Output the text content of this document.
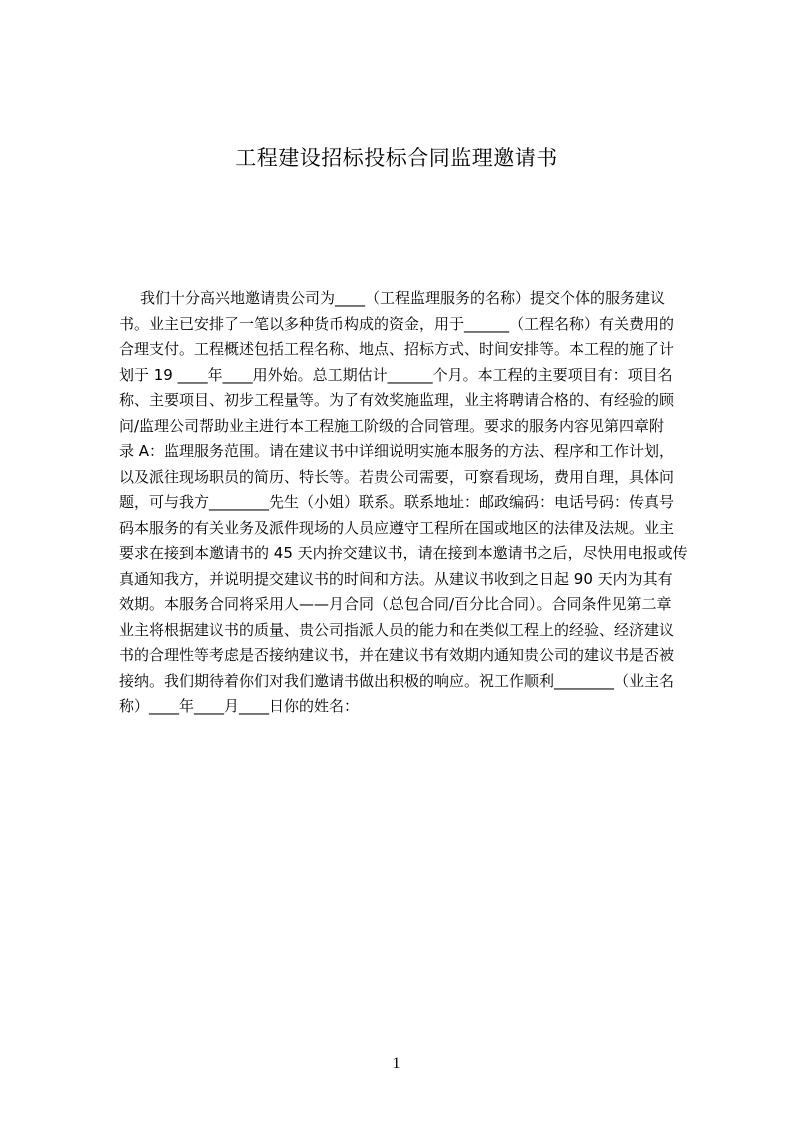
工程建设招标投标合同监理邀请书
我们十分高兴地邀请贵公司为____（工程监理服务的名称）提交个体的服务建议
书。业主已安排了一笔以多种货币构成的资金，用于______（工程名称）有关费用的
合理支付。工程概述包括工程名称、地点、招标方式、时间安排等。本工程的施了计
划于 19 ____年____用外始。总工期估计______个月。本工程的主要项目有：项目名
称、主要项目、初步工程量等。为了有效奖施监理，业主将聘请合格的、有经验的顾
问/监理公司帮助业主进行本工程施工阶级的合同管理。要求的服务内容见第四章附
录 A：监理服务范围。请在建议书中详细说明实施本服务的方法、程序和工作计划，
以及派往现场职员的简历、特长等。若贵公司需要，可察看现场，费用自理，具体问
题，可与我方________先生（小姐）联系。联系地址：邮政编码：电话号码：传真号
码本服务的有关业务及派件现场的人员应遵守工程所在国或地区的法律及法规。业主
要求在接到本邀请书的 45 天内拚交建议书，请在接到本邀请书之后，尽快用电报或传
真通知我方，并说明提交建议书的时间和方法。从建议书收到之日起 90 天内为其有
效期。本服务合同将采用人——月合同（总包合同/百分比合同）。合同条件见第二章
业主将根据建议书的质量、贵公司指派人员的能力和在类似工程上的经验、经济建议
书的合理性等考虑是否接纳建议书，并在建议书有效期内通知贵公司的建议书是否被
接纳。我们期待着你们对我们邀请书做出积极的响应。祝工作顺利________（业主名
称）____年____月____日你的姓名：
1
